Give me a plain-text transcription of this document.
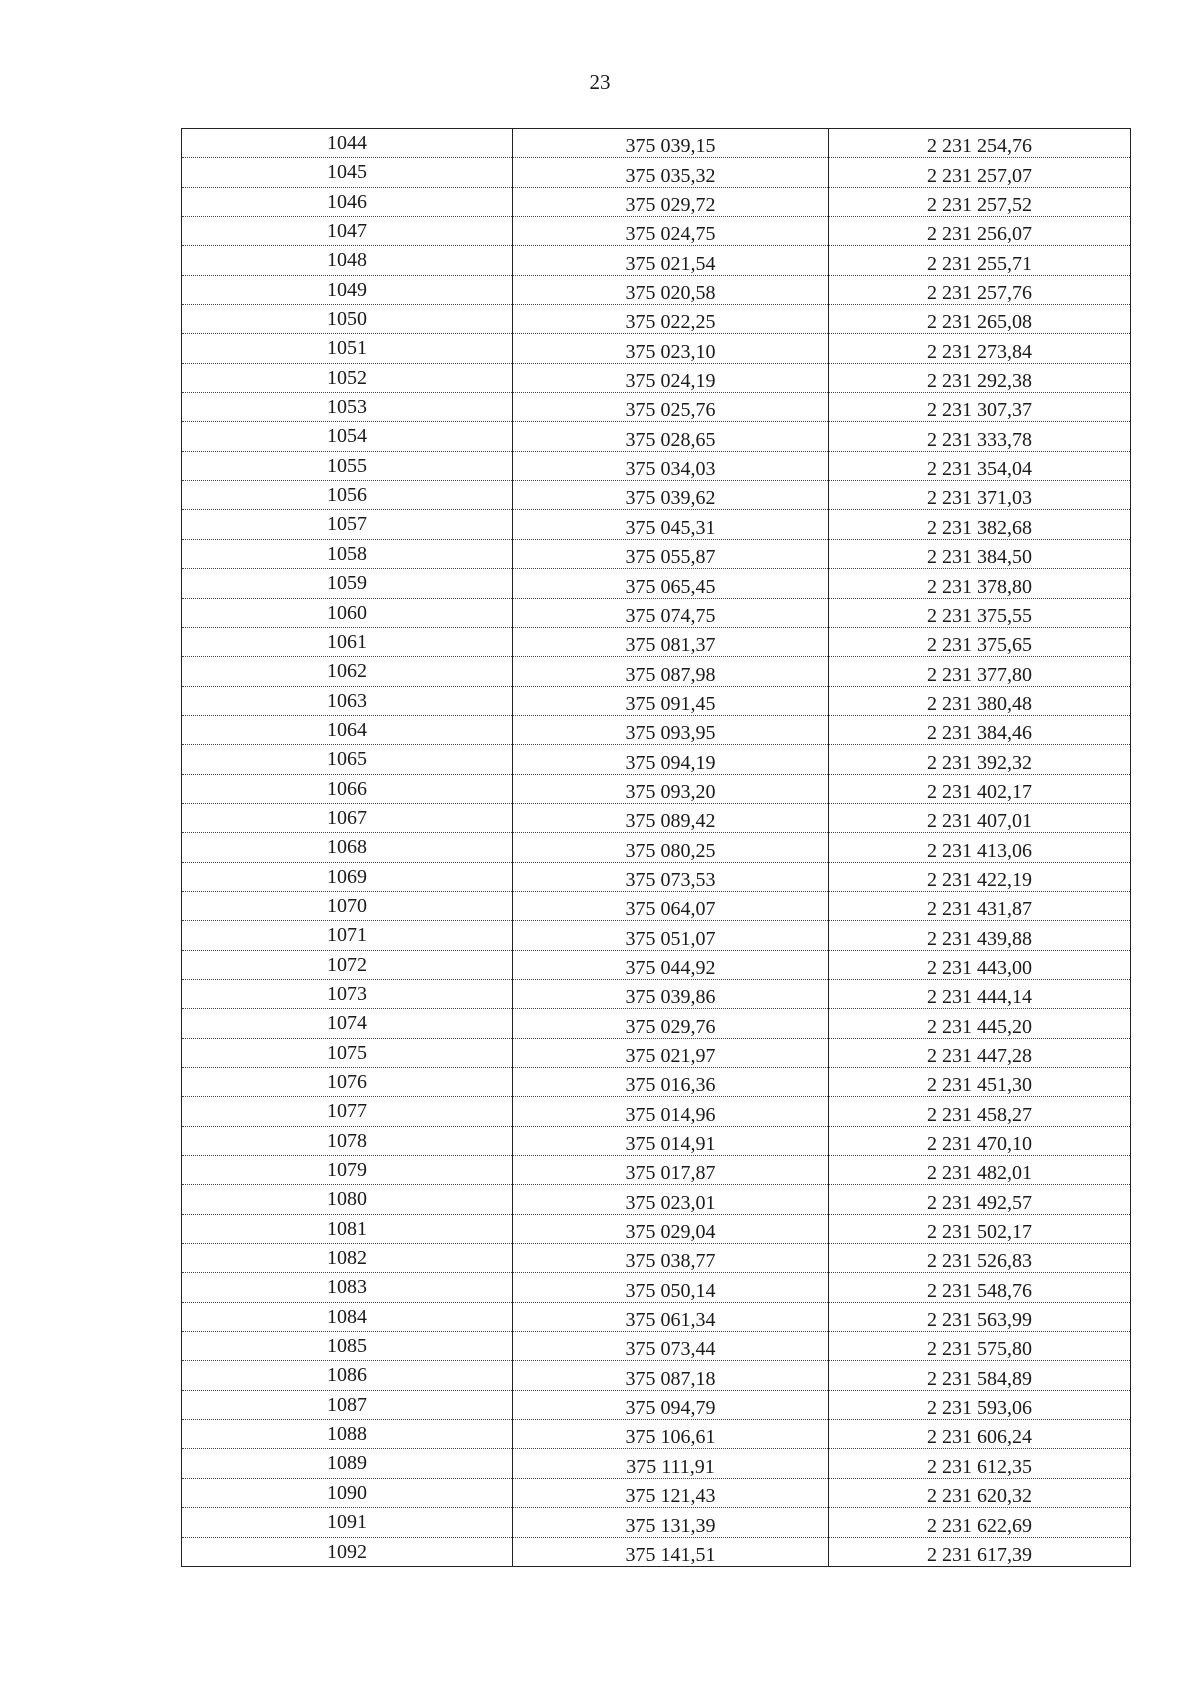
23
1044	375 039,15	2 231 254,76
1045	375 035,32	2 231 257,07
1046	375 029,72	2 231 257,52
1047	375 024,75	2 231 256,07
1048	375 021,54	2 231 255,71
1049	375 020,58	2 231 257,76
1050	375 022,25	2 231 265,08
1051	375 023,10	2 231 273,84
1052	375 024,19	2 231 292,38
1053	375 025,76	2 231 307,37
1054	375 028,65	2 231 333,78
1055	375 034,03	2 231 354,04
1056	375 039,62	2 231 371,03
1057	375 045,31	2 231 382,68
1058	375 055,87	2 231 384,50
1059	375 065,45	2 231 378,80
1060	375 074,75	2 231 375,55
1061	375 081,37	2 231 375,65
1062	375 087,98	2 231 377,80
1063	375 091,45	2 231 380,48
1064	375 093,95	2 231 384,46
1065	375 094,19	2 231 392,32
1066	375 093,20	2 231 402,17
1067	375 089,42	2 231 407,01
1068	375 080,25	2 231 413,06
1069	375 073,53	2 231 422,19
1070	375 064,07	2 231 431,87
1071	375 051,07	2 231 439,88
1072	375 044,92	2 231 443,00
1073	375 039,86	2 231 444,14
1074	375 029,76	2 231 445,20
1075	375 021,97	2 231 447,28
1076	375 016,36	2 231 451,30
1077	375 014,96	2 231 458,27
1078	375 014,91	2 231 470,10
1079	375 017,87	2 231 482,01
1080	375 023,01	2 231 492,57
1081	375 029,04	2 231 502,17
1082	375 038,77	2 231 526,83
1083	375 050,14	2 231 548,76
1084	375 061,34	2 231 563,99
1085	375 073,44	2 231 575,80
1086	375 087,18	2 231 584,89
1087	375 094,79	2 231 593,06
1088	375 106,61	2 231 606,24
1089	375 111,91	2 231 612,35
1090	375 121,43	2 231 620,32
1091	375 131,39	2 231 622,69
1092	375 141,51	2 231 617,39
